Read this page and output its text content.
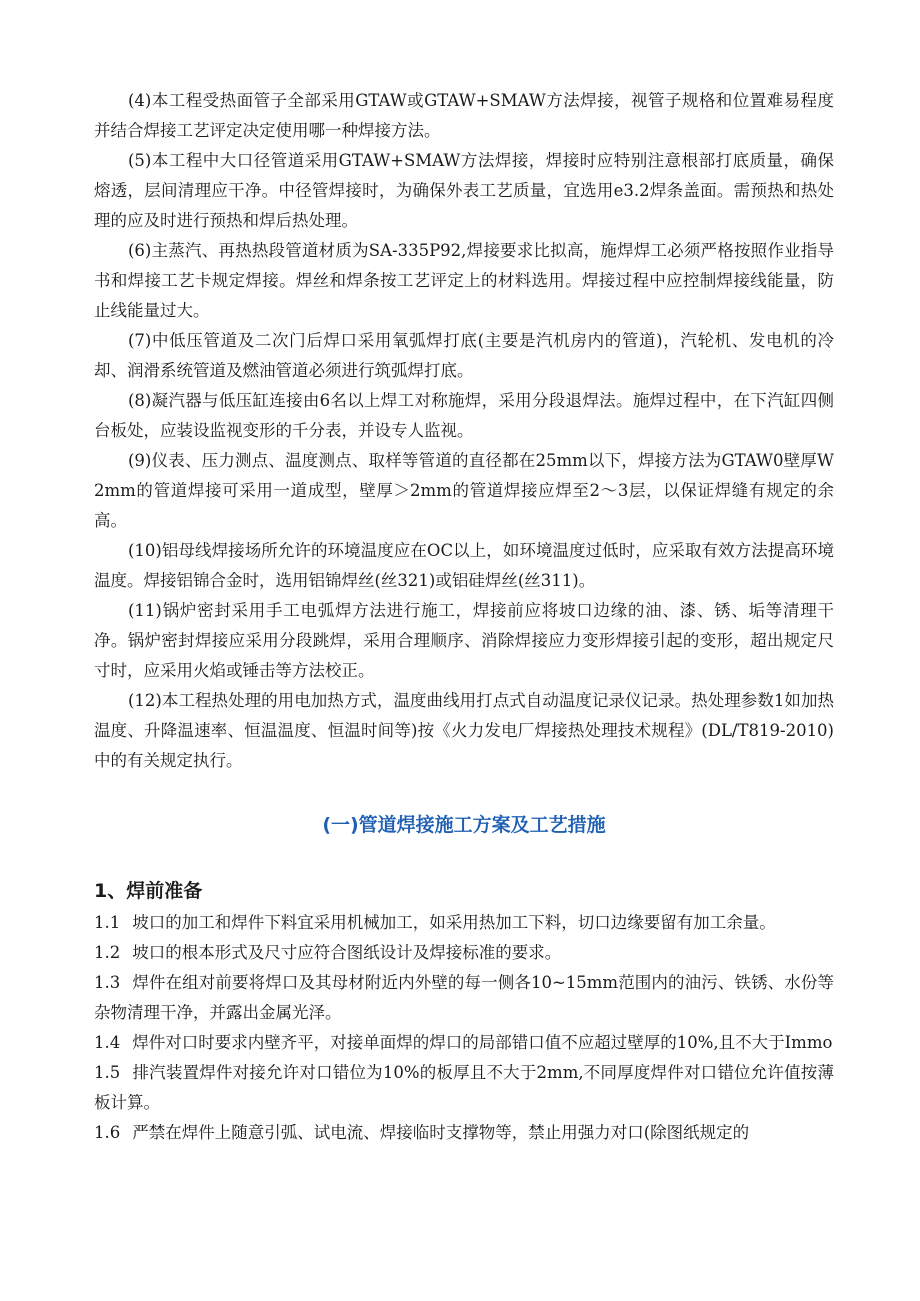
(4)本工程受热面管子全部采用GTAW或GTAW+SMAW方法焊接，视管子规格和位置难易程度并结合焊接工艺评定决定使用哪一种焊接方法。

(5)本工程中大口径管道采用GTAW+SMAW方法焊接，焊接时应特别注意根部打底质量，确保熔透，层间清理应干净。中径管焊接时，为确保外表工艺质量，宜选用e3.2焊条盖面。需预热和热处理的应及时进行预热和焊后热处理。

(6)主蒸汽、再热热段管道材质为SA-335P92,焊接要求比拟高，施焊焊工必须严格按照作业指导书和焊接工艺卡规定焊接。焊丝和焊条按工艺评定上的材料选用。焊接过程中应控制焊接线能量，防止线能量过大。

(7)中低压管道及二次门后焊口采用氧弧焊打底(主要是汽机房内的管道)，汽轮机、发电机的冷却、润滑系统管道及燃油管道必须进行筑弧焊打底。

(8)凝汽器与低压缸连接由6名以上焊工对称施焊，采用分段退焊法。施焊过程中，在下汽缸四侧台板处，应装设监视变形的千分表，并设专人监视。

(9)仪表、压力测点、温度测点、取样等管道的直径都在25mm以下，焊接方法为GTAW0壁厚W2mm的管道焊接可采用一道成型，壁厚＞2mm的管道焊接应焊至2〜3层，以保证焊缝有规定的余高。

(10)铝母线焊接场所允许的环境温度应在OC以上，如环境温度过低时，应采取有效方法提高环境温度。焊接铝锦合金时，选用铝锦焊丝(丝321)或铝硅焊丝(丝311)。

(11)锅炉密封采用手工电弧焊方法进行施工，焊接前应将坡口边缘的油、漆、锈、垢等清理干净。锅炉密封焊接应采用分段跳焊，采用合理顺序、消除焊接应力变形焊接引起的变形，超出规定尺寸时，应采用火焰或锤击等方法校正。

(12)本工程热处理的用电加热方式，温度曲线用打点式自动温度记录仪记录。热处理参数1如加热温度、升降温速率、恒温温度、恒温时间等)按《火力发电厂焊接热处理技术规程》(DL/T819-2010)中的有关规定执行。

(一)管道焊接施工方案及工艺措施
1、焊前准备

1.1 坡口的加工和焊件下料宜采用机械加工，如采用热加工下料，切口边缘要留有加工余量。

1.2 坡口的根本形式及尺寸应符合图纸设计及焊接标准的要求。

1.3 焊件在组对前要将焊口及其母材附近内外壁的每一侧各10~15mm范围内的油污、铁锈、水份等杂物清理干净，并露出金属光泽。

1.4 焊件对口时要求内壁齐平，对接单面焊的焊口的局部错口值不应超过壁厚的10%,且不大于Immo

1.5 排汽装置焊件对接允许对口错位为10%的板厚且不大于2mm,不同厚度焊件对口错位允许值按薄板计算。

1.6 严禁在焊件上随意引弧、试电流、焊接临时支撑物等，禁止用强力对口(除图纸规定的
